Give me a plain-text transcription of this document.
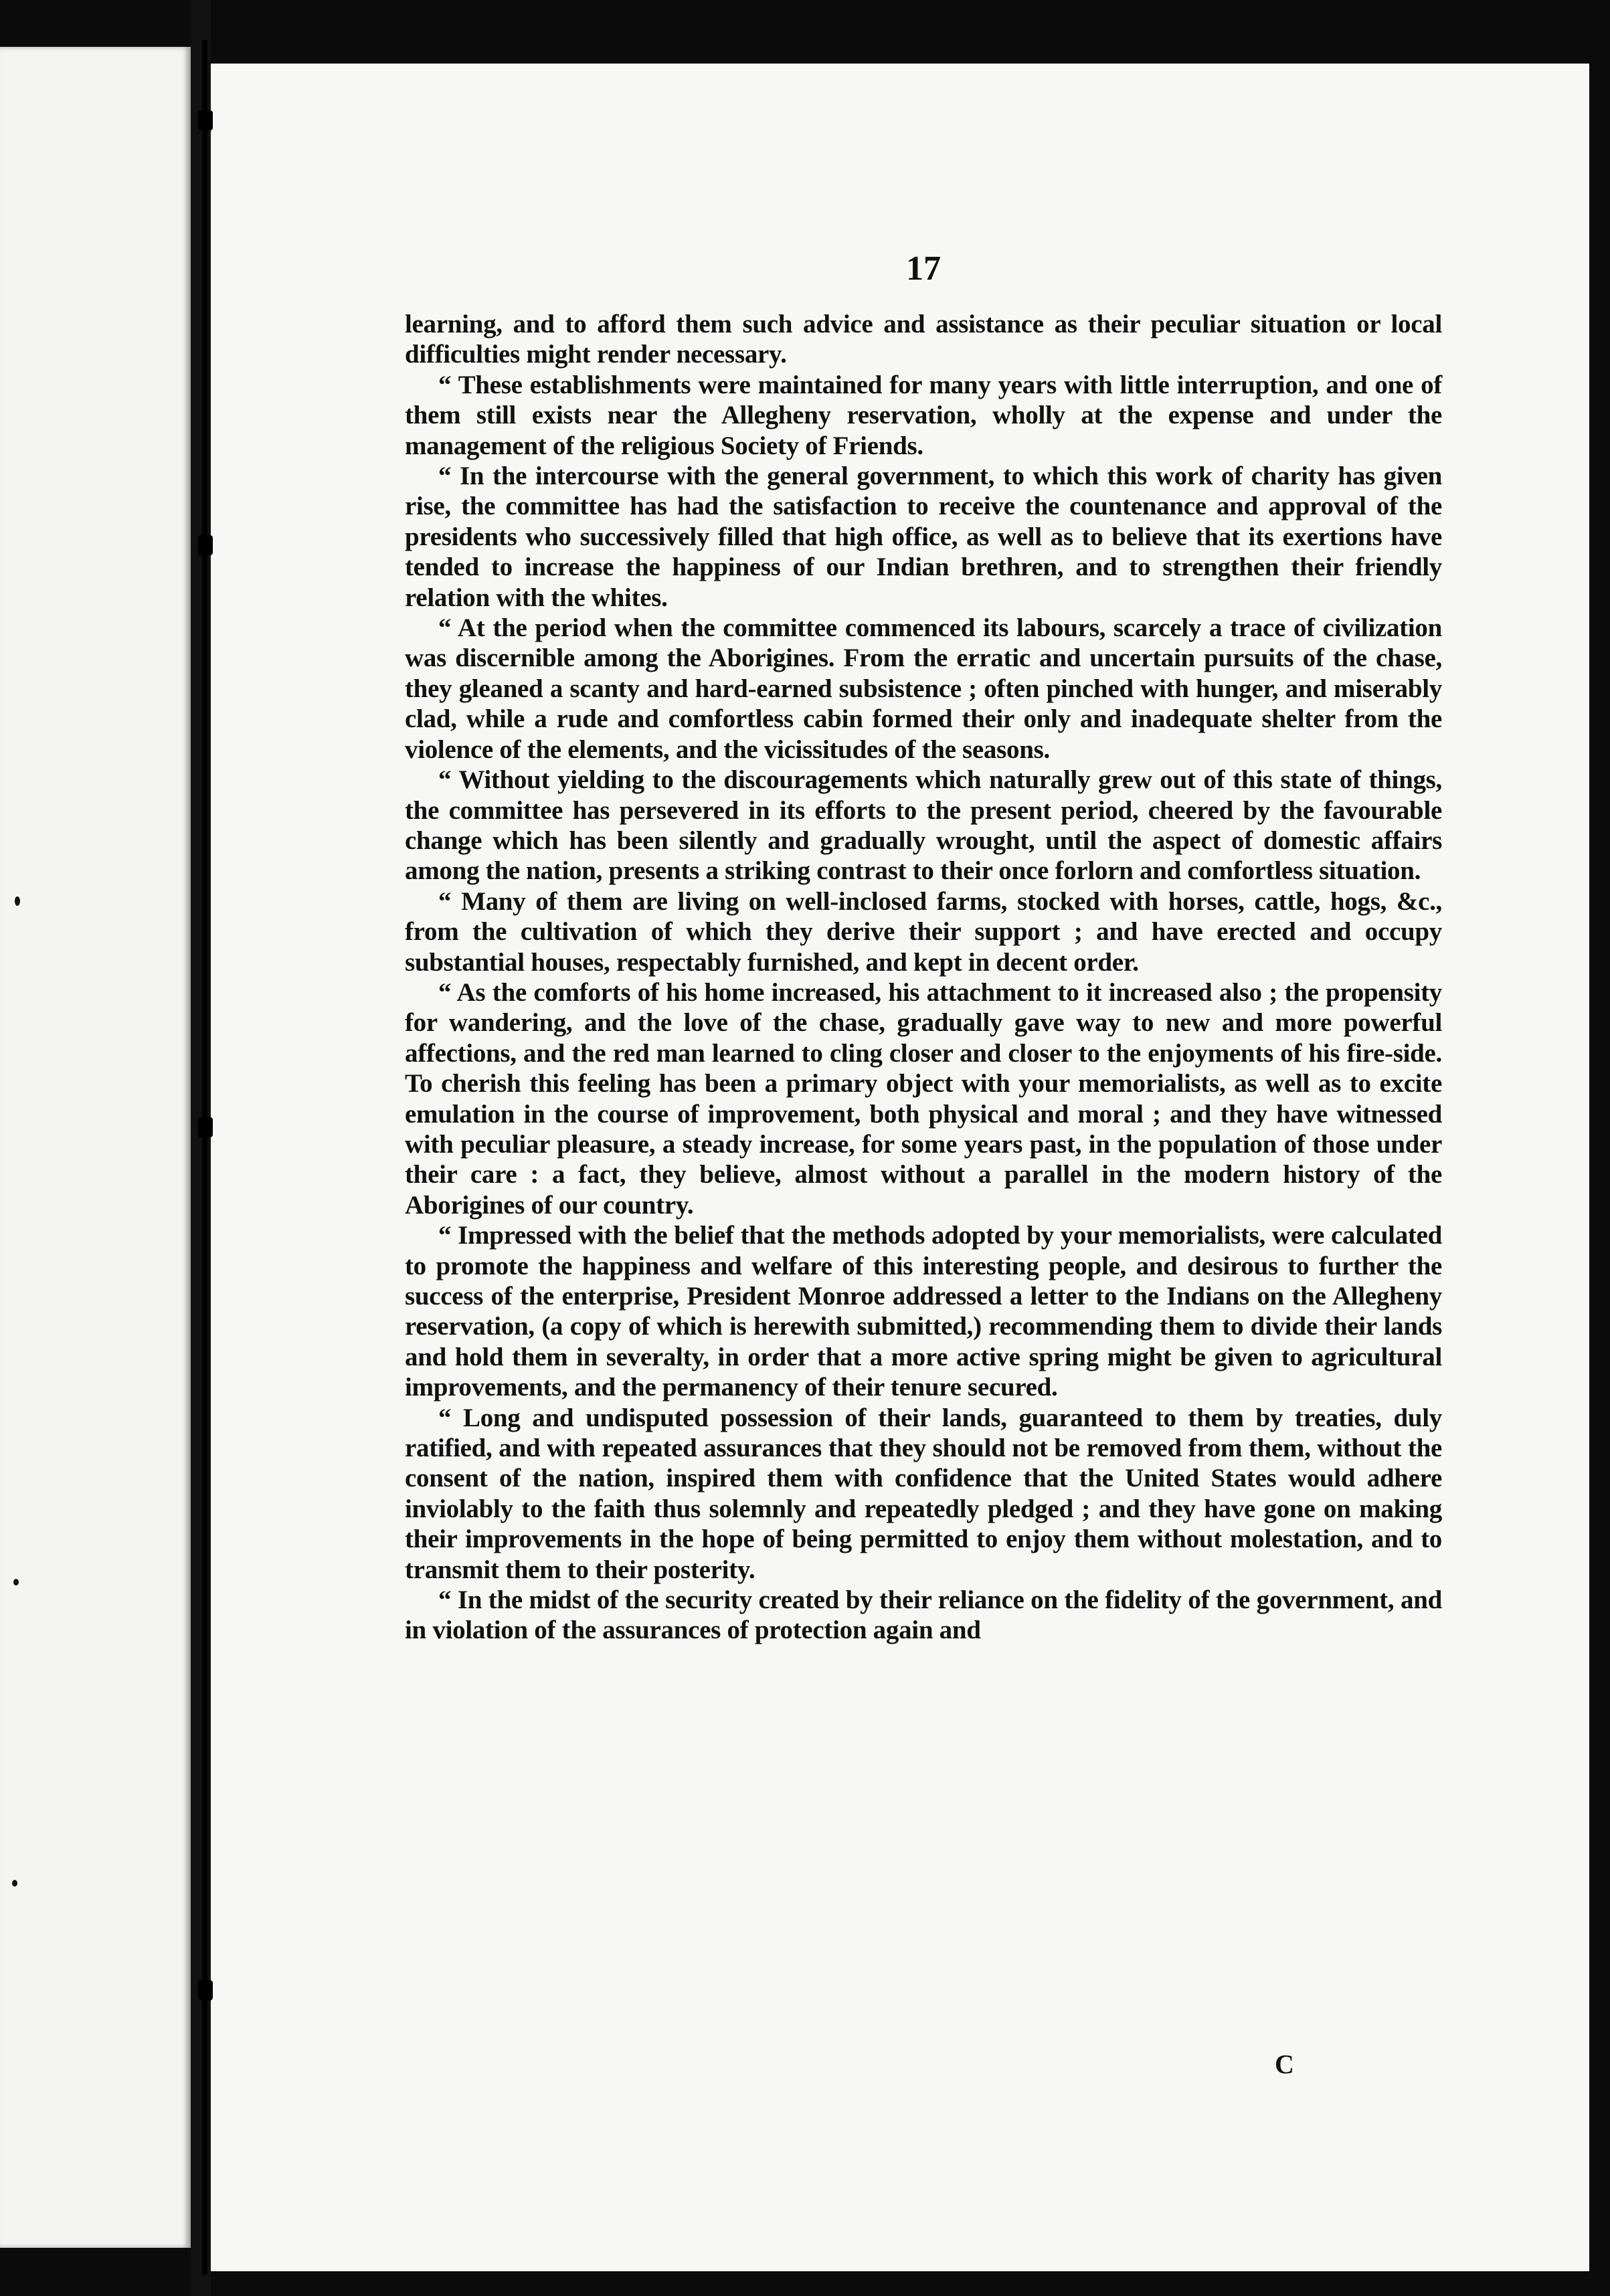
17

learning, and to afford them such advice and assistance as their peculiar situation or local difficulties might render necessary.

“ These establishments were maintained for many years with little interruption, and one of them still exists near the Allegheny reservation, wholly at the expense and under the management of the religious Society of Friends.

“ In the intercourse with the general government, to which this work of charity has given rise, the committee has had the satisfaction to receive the countenance and approval of the presidents who successively filled that high office, as well as to believe that its exertions have tended to increase the happiness of our Indian brethren, and to strengthen their friendly relation with the whites.

“ At the period when the committee commenced its labours, scarcely a trace of civilization was discernible among the Aborigines. From the erratic and uncertain pursuits of the chase, they gleaned a scanty and hard-earned subsistence ; often pinched with hunger, and miserably clad, while a rude and comfortless cabin formed their only and inadequate shelter from the violence of the elements, and the vicissitudes of the seasons.

“ Without yielding to the discouragements which naturally grew out of this state of things, the committee has persevered in its efforts to the present period, cheered by the favourable change which has been silently and gradually wrought, until the aspect of domestic affairs among the nation, presents a striking contrast to their once forlorn and comfortless situation.

“ Many of them are living on well-inclosed farms, stocked with horses, cattle, hogs, &c., from the cultivation of which they derive their support ; and have erected and occupy substantial houses, respectably furnished, and kept in decent order.

“ As the comforts of his home increased, his attachment to it increased also ; the propensity for wandering, and the love of the chase, gradually gave way to new and more powerful affections, and the red man learned to cling closer and closer to the enjoyments of his fire-side. To cherish this feeling has been a primary object with your memorialists, as well as to excite emulation in the course of improvement, both physical and moral ; and they have witnessed with peculiar pleasure, a steady increase, for some years past, in the population of those under their care : a fact, they believe, almost without a parallel in the modern history of the Aborigines of our country.

“ Impressed with the belief that the methods adopted by your memorialists, were calculated to promote the happiness and welfare of this interesting people, and desirous to further the success of the enterprise, President Monroe addressed a letter to the Indians on the Allegheny reservation, (a copy of which is herewith submitted,) recommending them to divide their lands and hold them in severalty, in order that a more active spring might be given to agricultural improvements, and the permanency of their tenure secured.

“ Long and undisputed possession of their lands, guaranteed to them by treaties, duly ratified, and with repeated assurances that they should not be removed from them, without the consent of the nation, inspired them with confidence that the United States would adhere inviolably to the faith thus solemnly and repeatedly pledged ; and they have gone on making their improvements in the hope of being permitted to enjoy them without molestation, and to transmit them to their posterity.

“ In the midst of the security created by their reliance on the fidelity of the government, and in violation of the assurances of protection again and

C
